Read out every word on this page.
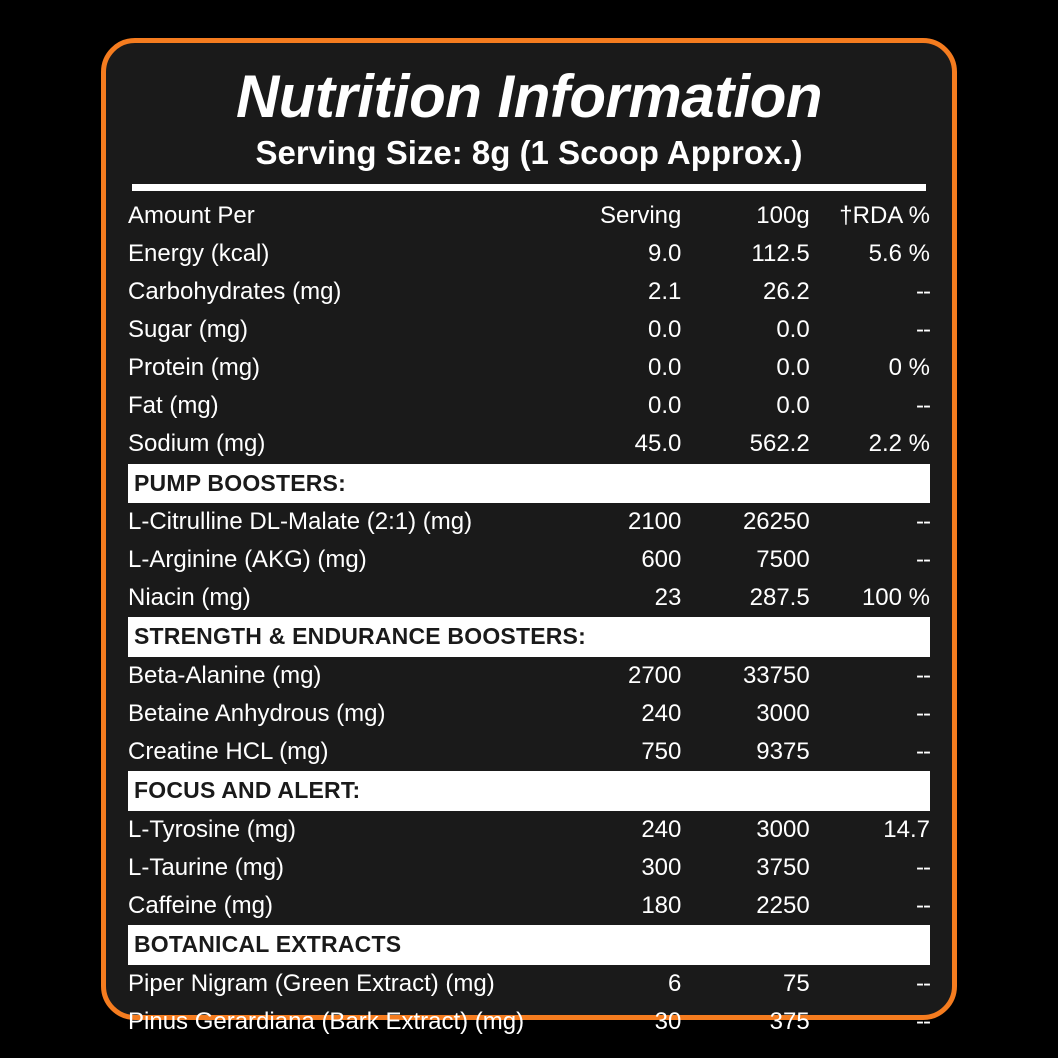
Nutrition Information
Serving Size: 8g (1 Scoop Approx.)
Amount Per	Serving	100g	†RDA %
Energy (kcal)	9.0	112.5	5.6 %
Carbohydrates (mg)	2.1	26.2	--
Sugar (mg)	0.0	0.0	--
Protein (mg)	0.0	0.0	0 %
Fat (mg)	0.0	0.0	--
Sodium (mg)	45.0	562.2	2.2 %
PUMP BOOSTERS:			
L-Citrulline DL-Malate (2:1) (mg)	2100	26250	--
L-Arginine (AKG) (mg)	600	7500	--
Niacin (mg)	23	287.5	100 %
STRENGTH & ENDURANCE BOOSTERS:			
Beta-Alanine (mg)	2700	33750	--
Betaine Anhydrous (mg)	240	3000	--
Creatine HCL (mg)	750	9375	--
FOCUS AND ALERT:			
L-Tyrosine (mg)	240	3000	14.7
L-Taurine (mg)	300	3750	--
Caffeine (mg)	180	2250	--
BOTANICAL EXTRACTS			
Piper Nigram (Green Extract) (mg)	6	75	--
Pinus Gerardiana (Bark Extract) (mg)	30	375	--
